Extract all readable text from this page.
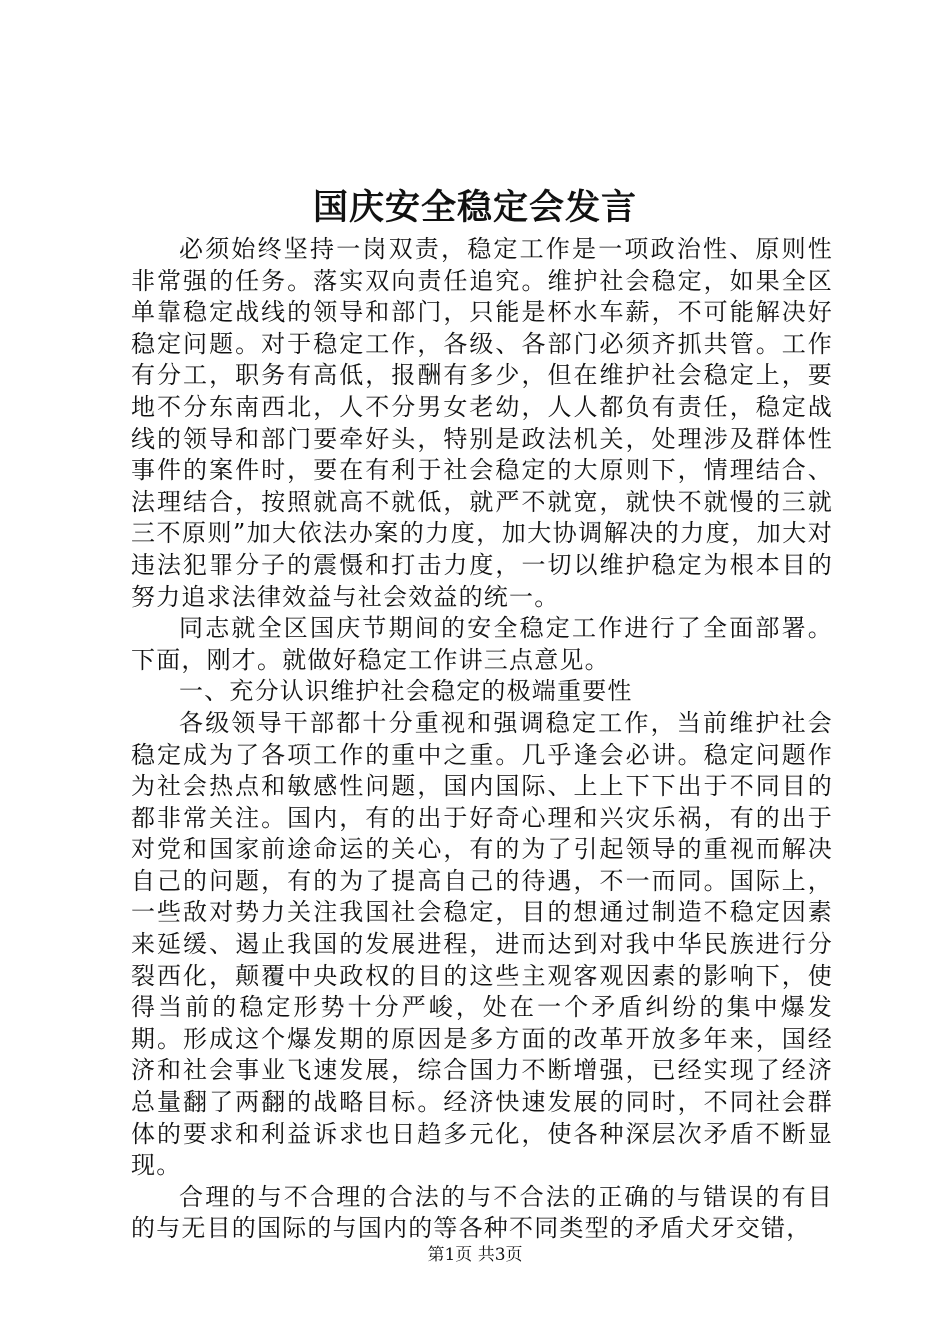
国庆安全稳定会发言

必须始终坚持一岗双责，稳定工作是一项政治性、原则性非常强的任务。落实双向责任追究。维护社会稳定，如果全区单靠稳定战线的领导和部门，只能是杯水车薪，不可能解决好稳定问题。对于稳定工作，各级、各部门必须齐抓共管。工作有分工，职务有高低，报酬有多少，但在维护社会稳定上，要地不分东南西北，人不分男女老幼，人人都负有责任，稳定战线的领导和部门要牵好头，特别是政法机关，处理涉及群体性事件的案件时，要在有利于社会稳定的大原则下，情理结合、法理结合，按照就高不就低，就严不就宽，就快不就慢的三就三不原则”加大依法办案的力度，加大协调解决的力度，加大对违法犯罪分子的震慑和打击力度，一切以维护稳定为根本目的努力追求法律效益与社会效益的统一。

同志就全区国庆节期间的安全稳定工作进行了全面部署。下面，刚才。就做好稳定工作讲三点意见。

一、充分认识维护社会稳定的极端重要性

各级领导干部都十分重视和强调稳定工作，当前维护社会稳定成为了各项工作的重中之重。几乎逢会必讲。稳定问题作为社会热点和敏感性问题，国内国际、上上下下出于不同目的都非常关注。国内，有的出于好奇心理和兴灾乐祸，有的出于对党和国家前途命运的关心，有的为了引起领导的重视而解决自己的问题，有的为了提高自己的待遇，不一而同。国际上，一些敌对势力关注我国社会稳定，目的想通过制造不稳定因素来延缓、遏止我国的发展进程，进而达到对我中华民族进行分裂西化，颠覆中央政权的目的这些主观客观因素的影响下，使得当前的稳定形势十分严峻，处在一个矛盾纠纷的集中爆发期。形成这个爆发期的原因是多方面的改革开放多年来，国经济和社会事业飞速发展，综合国力不断增强，已经实现了经济总量翻了两翻的战略目标。经济快速发展的同时，不同社会群体的要求和利益诉求也日趋多元化，使各种深层次矛盾不断显现。

合理的与不合理的合法的与不合法的正确的与错误的有目的与无目的国际的与国内的等各种不同类型的矛盾犬牙交错，

第1页 共3页
